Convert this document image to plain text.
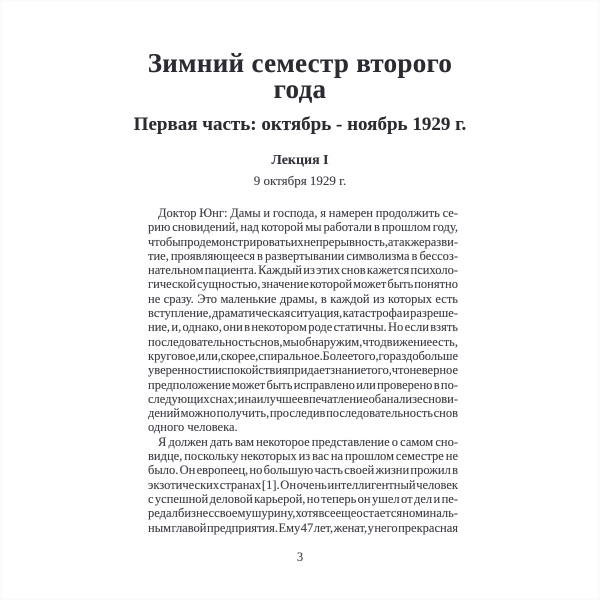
Зимний семестр второго года
Первая часть: октябрь - ноябрь 1929 г.
Лекция I
9 октября 1929 г.
Доктор Юнг: Дамы и господа, я намерен продолжить се-
рию сновидений, над которой мы работали в прошлом году,
чтобы продемонстрировать их непрерывность, а также разви-
тие, проявляющееся в развертывании символизма в бессоз-
нательном пациента. Каждый из этих снов кажется психоло-
гической сущностью, значение которой может быть понятно
не сразу. Это маленькие драмы, в каждой из которых есть
вступление, драматическая ситуация, катастрофа и разреше-
ние, и, однако, они в некотором роде статичны. Но если взять
последовательность снов, мы обнаружим, что движение есть,
круговое, или, скорее, спиральное. Более того, гораздо больше
уверенности и спокойствия придает знание того, что неверное
предположение может быть исправлено или проверено в по-
следующих снах; и наилучшее впечатление об анализе снови-
дений можно получить, проследив последовательность снов
одного человека.
Я должен дать вам некоторое представление о самом сно-
видце, поскольку некоторых из вас на прошлом семестре не
было. Он европеец, но большую часть своей жизни прожил в
экзотических странах [1]. Он очень интеллигентный человек
с успешной деловой карьерой, но теперь он ушел от дел и пе-
редал бизнес своему шурину, хотя все еще остается номиналь-
ным главой предприятия. Ему 47 лет, женат, у него прекрасная
3
